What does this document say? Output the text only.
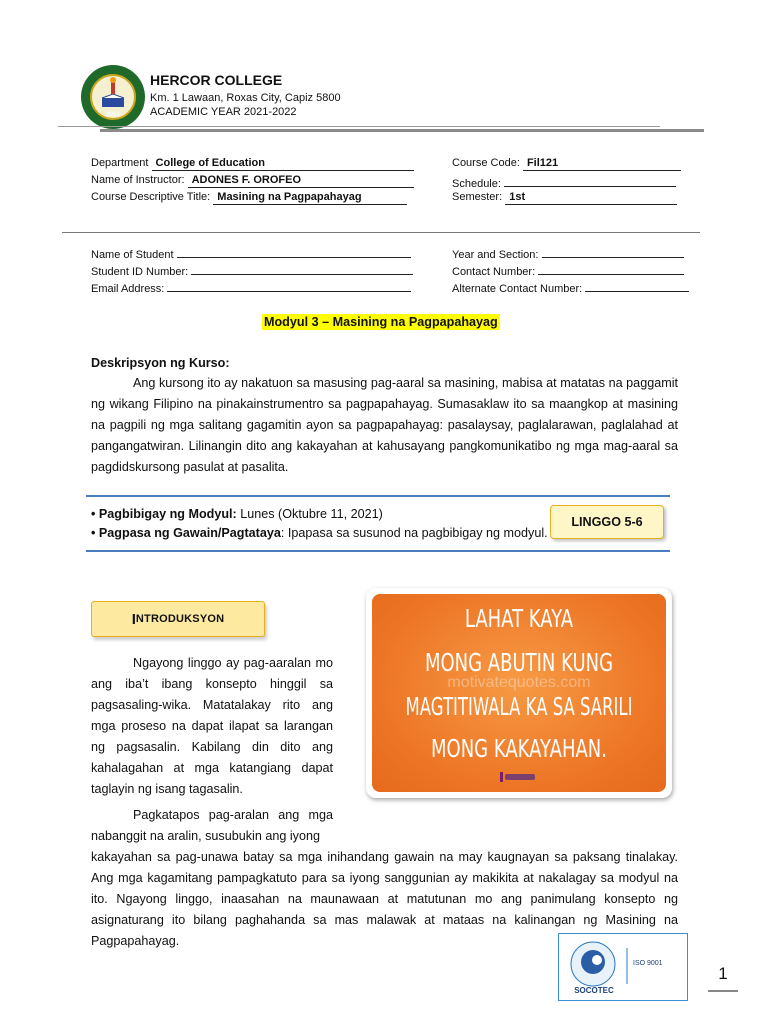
2004
HERCOR COLLEGE
Km. 1 Lawaan, Roxas City, Capiz 5800
ACADEMIC YEAR 2021-2022
Department College of Education
Name of Instructor: ADONES F. OROFEO
Course Descriptive Title: Masining na Pagpapahayag
Course Code: Fil121
Schedule:
Semester: 1st
Name of Student
Student ID Number:
Email Address:
Year and Section:
Contact Number:
Alternate Contact Number:
Modyul 3 – Masining na Pagpapahayag
Deskripsyon ng Kurso:
Ang kursong ito ay nakatuon sa masusing pag-aaral sa masining, mabisa at matatas na paggamit ng wikang Filipino na pinakainstrumentro sa pagpapahayag. Sumasaklaw ito sa maangkop at masining na pagpili ng mga salitang gagamitin ayon sa pagpapahayag: pasalaysay, paglalarawan, paglalahad at pangangatwiran. Lilinangin dito ang kakayahan at kahusayang pangkomunikatibo ng mga mag-aaral sa pagdidskursong pasulat at pasalita.
• Pagbibigay ng Modyul: Lunes (Oktubre 11, 2021)
• Pagpasa ng Gawain/Pagtataya: Ipapasa sa susunod na pagbibigay ng modyul.
LINGGO 5-6
I NTRODUKSYON
Ngayong linggo ay pag-aaralan mo ang iba’t ibang konsepto hinggil sa pagsasaling-wika. Matatalakay rito ang mga proseso na dapat ilapat sa larangan ng pagsasalin. Kabilang din dito ang kahalagahan at mga katangiang dapat taglayin ng isang tagasalin.
Pagkatapos pag-aralan ang mga nabanggit na aralin, susubukin ang iyong
kakayahan sa pag-unawa batay sa mga inihandang gawain na may kaugnayan sa paksang tinalakay. Ang mga kagamitang pampagkatuto para sa iyong sanggunian ay makikita at nakalagay sa modyul na ito. Ngayong linggo, inaasahan na maunawaan at matutunan mo ang panimulang konsepto ng asignaturang ito bilang paghahanda sa mas malawak at mataas na kalinangan ng Masining na Pagpapahayag.
LAHAT KAYA
MONG ABUTIN KUNG
motivatequotes.com
MAGTITIWALA KA SA SARILI
MONG KAKAYAHAN.
SOCOTEC
ISO 9001
1
